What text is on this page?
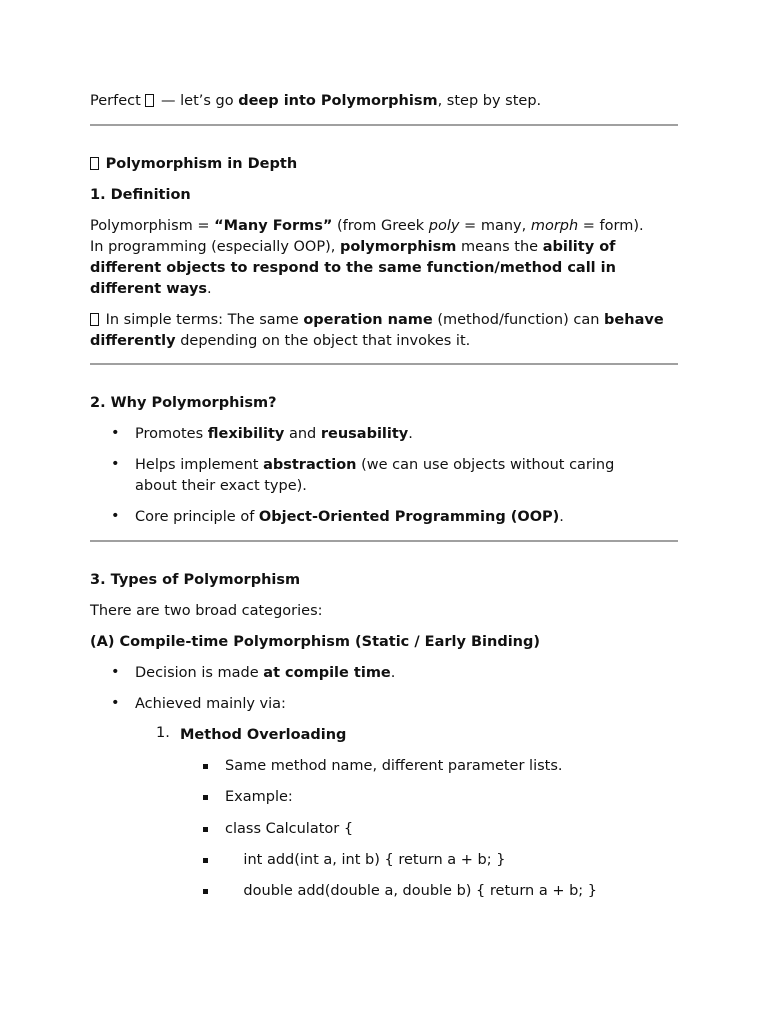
Perfect  — let’s go deep into Polymorphism, step by step.

Polymorphism in Depth

1. Definition

Polymorphism = “Many Forms” (from Greek poly = many, morph = form).
In programming (especially OOP), polymorphism means the ability of different objects to respond to the same function/method call in different ways.

In simple terms: The same operation name (method/function) can behave differently depending on the object that invokes it.

2. Why Polymorphism?

• Promotes flexibility and reusability.

• Helps implement abstraction (we can use objects without caring about their exact type).

• Core principle of Object-Oriented Programming (OOP).

3. Types of Polymorphism

There are two broad categories:

(A) Compile-time Polymorphism (Static / Early Binding)

• Decision is made at compile time.

• Achieved mainly via:

1. Method Overloading

Same method name, different parameter lists.

Example:

class Calculator {

int add(int a, int b) { return a + b; }

double add(double a, double b) { return a + b; }
